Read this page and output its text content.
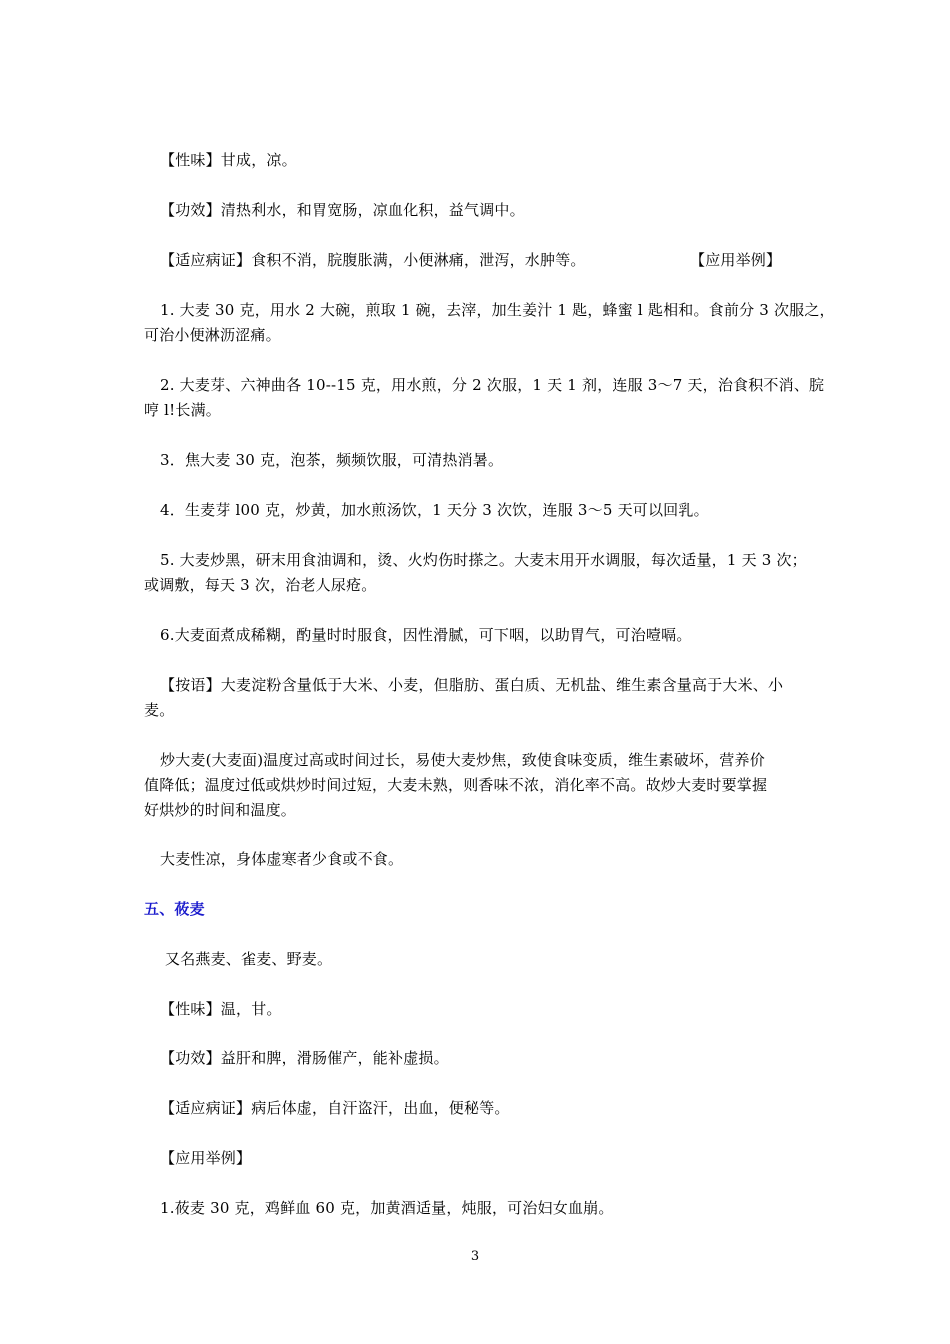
【性味】甘成，凉。
【功效】清热利水，和胃宽肠，凉血化积，益气调中。
【适应病证】食积不消，脘腹胀满，小便淋痛，泄泻，水肿等。	【应用举例】
1. 大麦 30 克，用水 2 大碗，煎取 1 碗，去滓，加生姜汁 1 匙，蜂蜜 l 匙相和。食前分 3 次服之，
可治小便淋沥涩痛。
2. 大麦芽、六神曲各 10--15 克，用水煎，分 2 次服，1 天 1 剂，连服 3～7 天，治食积不消、脘
哼 l!长满。
3．焦大麦 30 克，泡茶，频频饮服，可清热消暑。
4．生麦芽 l00 克，炒黄，加水煎汤饮，1 天分 3 次饮，连服 3～5 天可以回乳。
5. 大麦炒黑，研末用食油调和，烫、火灼伤时搽之。大麦末用开水调服，每次适量，1 天 3 次；
或调敷，每天 3 次，治老人尿疮。
6.大麦面煮成稀糊，酌量时时服食，因性滑腻，可下咽，以助胃气，可治噎嗝。
【按语】大麦淀粉含量低于大米、小麦，但脂肪、蛋白质、无机盐、维生素含量高于大米、小
麦。
炒大麦(大麦面)温度过高或时间过长，易使大麦炒焦，致使食味变质，维生素破坏，营养价
值降低；温度过低或烘炒时间过短，大麦未熟，则香味不浓，消化率不高。故炒大麦时要掌握
好烘炒的时间和温度。
大麦性凉，身体虚寒者少食或不食。
五、莜麦
又名燕麦、雀麦、野麦。
【性味】温，甘。
【功效】益肝和脾，滑肠催产，能补虚损。
【适应病证】病后体虚，自汗盗汗，出血，便秘等。
【应用举例】
1.莜麦 30 克，鸡鲜血 60 克，加黄酒适量，炖服，可治妇女血崩。
3
